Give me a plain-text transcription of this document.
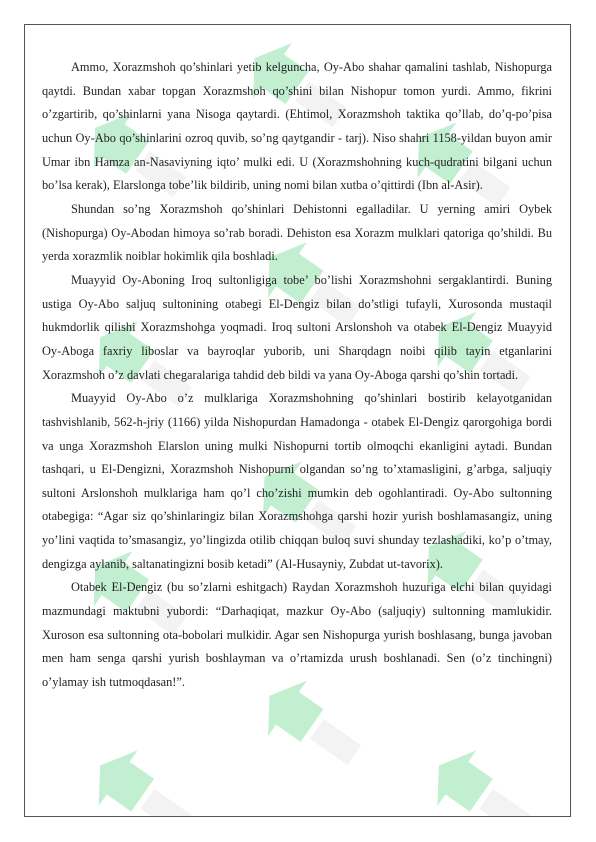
Ammo, Xorazmshoh qo’shinlari yetib kelguncha, Oy-Abo shahar qamalini tashlab, Nishopurga qaytdi. Bundan xabar topgan Xorazmshoh qo’shini bilan Nishopur tomon yurdi. Ammo, fikrini o’zgartirib, qo’shinlarni yana Nisoga qaytardi. (Ehtimol, Xorazmshoh taktika qo’llab, do’q-po’pisa uchun Oy-Abo qo’shinlarini ozroq quvib, so’ng qaytgandir - tarj). Niso shahri 1158-yildan buyon amir Umar ibn Hamza an-Nasaviyning iqto’ mulki edi. U (Xorazmshohning kuch-qudratini bilgani uchun bo’lsa kerak), Elarslonga tobe’lik bildirib, uning nomi bilan xutba o’qittirdi (Ibn al-Asir).

Shundan so’ng Xorazmshoh qo’shinlari Dehistonni egalladilar. U yerning amiri Oybek (Nishopurga) Oy-Abodan himoya so’rab boradi. Dehiston esa Xorazm mulklari qatoriga qo’shildi. Bu yerda xorazmlik noiblar hokimlik qila boshladi.

Muayyid Oy-Aboning Iroq sultonligiga tobe’ bo’lishi Xorazmshohni sergaklantirdi. Buning ustiga Oy-Abo saljuq sultonining otabegi El-Dengiz bilan do’stligi tufayli, Xurosonda mustaqil hukmdorlik qilishi Xorazmshohga yoqmadi. Iroq sultoni Arslonshoh va otabek El-Dengiz Muayyid Oy-Aboga faxriy liboslar va bayroqlar yuborib, uni Sharqdagn noibi qilib tayin etganlarini Xorazmshoh o’z davlati chegaralariga tahdid deb bildi va yana Oy-Aboga qarshi qo’shin tortadi.

Muayyid Oy-Abo o’z mulklariga Xorazmshohning qo’shinlari bostirib kelayotganidan tashvishlanib, 562-h-jriy (1166) yilda Nishopurdan Hamadonga - otabek El-Dengiz qarorgohiga bordi va unga Xorazmshoh Elarslon uning mulki Nishopurni tortib olmoqchi ekanligini aytadi. Bundan tashqari, u El-Dengizni, Xorazmshoh Nishopurni olgandan so’ng to’xtamasligini, g’arbga, saljuqiy sultoni Arslonshoh mulklariga ham qo’l cho’zishi mumkin deb ogohlantiradi. Oy-Abo sultonning otabegiga: “Agar siz qo’shinlaringiz bilan Xorazmshohga qarshi hozir yurish boshlamasangiz, uning yo’lini vaqtida to’smasangiz, yo’lingizda otilib chiqqan buloq suvi shunday tezlashadiki, ko’p o’tmay, dengizga aylanib, saltanatingizni bosib ketadi” (Al-Husayniy, Zubdat ut-tavorix).

Otabek El-Dengiz (bu so’zlarni eshitgach) Raydan Xorazmshoh huzuriga elchi bilan quyidagi mazmundagi maktubni yubordi: “Darhaqiqat, mazkur Oy-Abo (saljuqiy) sultonning mamlukidir. Xuroson esa sultonning ota-bobolari mulkidir. Agar sen Nishopurga yurish boshlasang, bunga javoban men ham senga qarshi yurish boshlayman va o’rtamizda urush boshlanadi. Sen (o’z tinchingni) o’ylamay ish tutmoqdasan!”.
